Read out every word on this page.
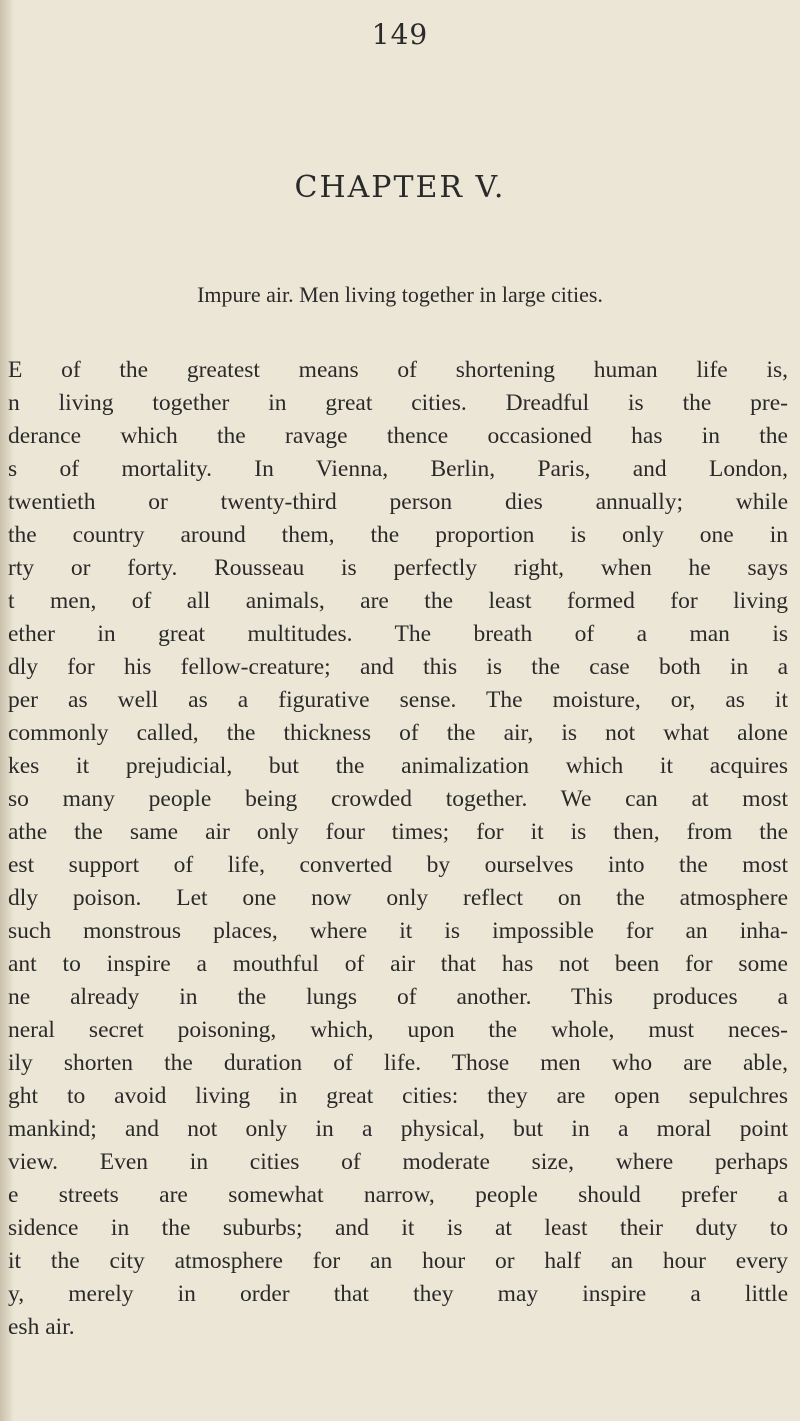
149
CHAPTER V.
Impure air. Men living together in large cities.
E of the greatest means of shortening human life is,
n living together in great cities. Dreadful is the pre-
derance which the ravage thence occasioned has in the
s of mortality. In Vienna, Berlin, Paris, and London,
twentieth or twenty-third person dies annually; while
the country around them, the proportion is only one in
rty or forty. Rousseau is perfectly right, when he says
t men, of all animals, are the least formed for living
ether in great multitudes. The breath of a man is
dly for his fellow-creature; and this is the case both in a
per as well as a figurative sense. The moisture, or, as it
commonly called, the thickness of the air, is not what alone
kes it prejudicial, but the animalization which it acquires
so many people being crowded together. We can at most
athe the same air only four times; for it is then, from the
est support of life, converted by ourselves into the most
dly poison. Let one now only reflect on the atmosphere
such monstrous places, where it is impossible for an inha-
ant to inspire a mouthful of air that has not been for some
ne already in the lungs of another. This produces a
neral secret poisoning, which, upon the whole, must neces-
ily shorten the duration of life. Those men who are able,
ght to avoid living in great cities: they are open sepulchres
mankind; and not only in a physical, but in a moral point
view. Even in cities of moderate size, where perhaps
e streets are somewhat narrow, people should prefer a
sidence in the suburbs; and it is at least their duty to
it the city atmosphere for an hour or half an hour every
y, merely in order that they may inspire a little
esh air.
